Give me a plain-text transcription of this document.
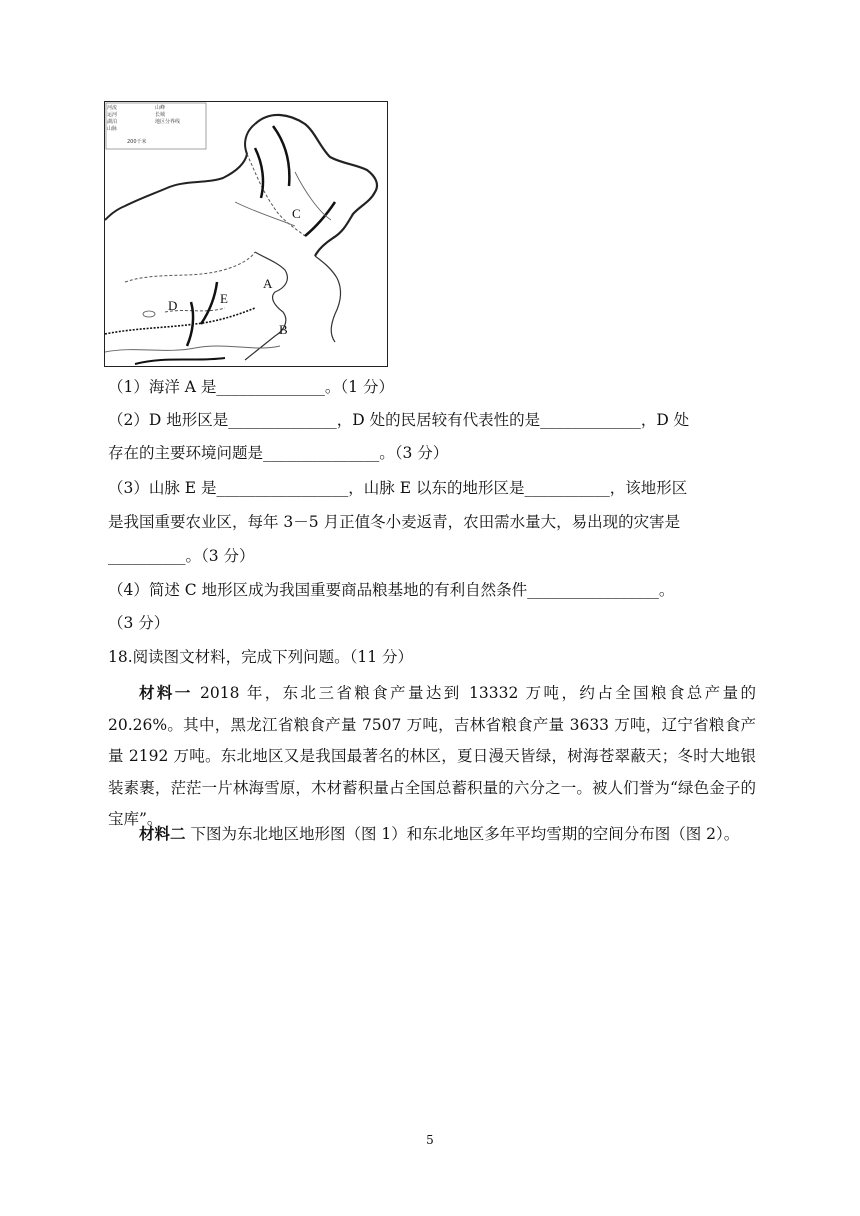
河流
运河
湖泊
山脉
山峰
长城
地区分界线
200千米
C
A
E
D
B
（1）海洋 A 是______________。（1 分）
（2）D 地形区是______________，D 处的民居较有代表性的是_____________，D 处
存在的主要环境问题是_______________。（3 分）
（3）山脉 E 是_________________，山脉 E 以东的地形区是___________，该地形区
是我国重要农业区，每年 3－5 月正值冬小麦返青，农田需水量大，易出现的灾害是
__________。（3 分）
（4）简述 C 地形区成为我国重要商品粮基地的有利自然条件_________________。
（3 分）
18.阅读图文材料，完成下列问题。（11 分）
材料一 2018 年，东北三省粮食产量达到 13332 万吨，约占全国粮食总产量的 20.26%。其中，黑龙江省粮食产量 7507 万吨，吉林省粮食产量 3633 万吨，辽宁省粮食产量 2192 万吨。东北地区又是我国最著名的林区，夏日漫天皆绿，树海苍翠蔽天；冬时大地银装素裹，茫茫一片林海雪原，木材蓄积量占全国总蓄积量的六分之一。被人们誉为“绿色金子的宝库”。
材料二 下图为东北地区地形图（图 1）和东北地区多年平均雪期的空间分布图（图 2）。
5
